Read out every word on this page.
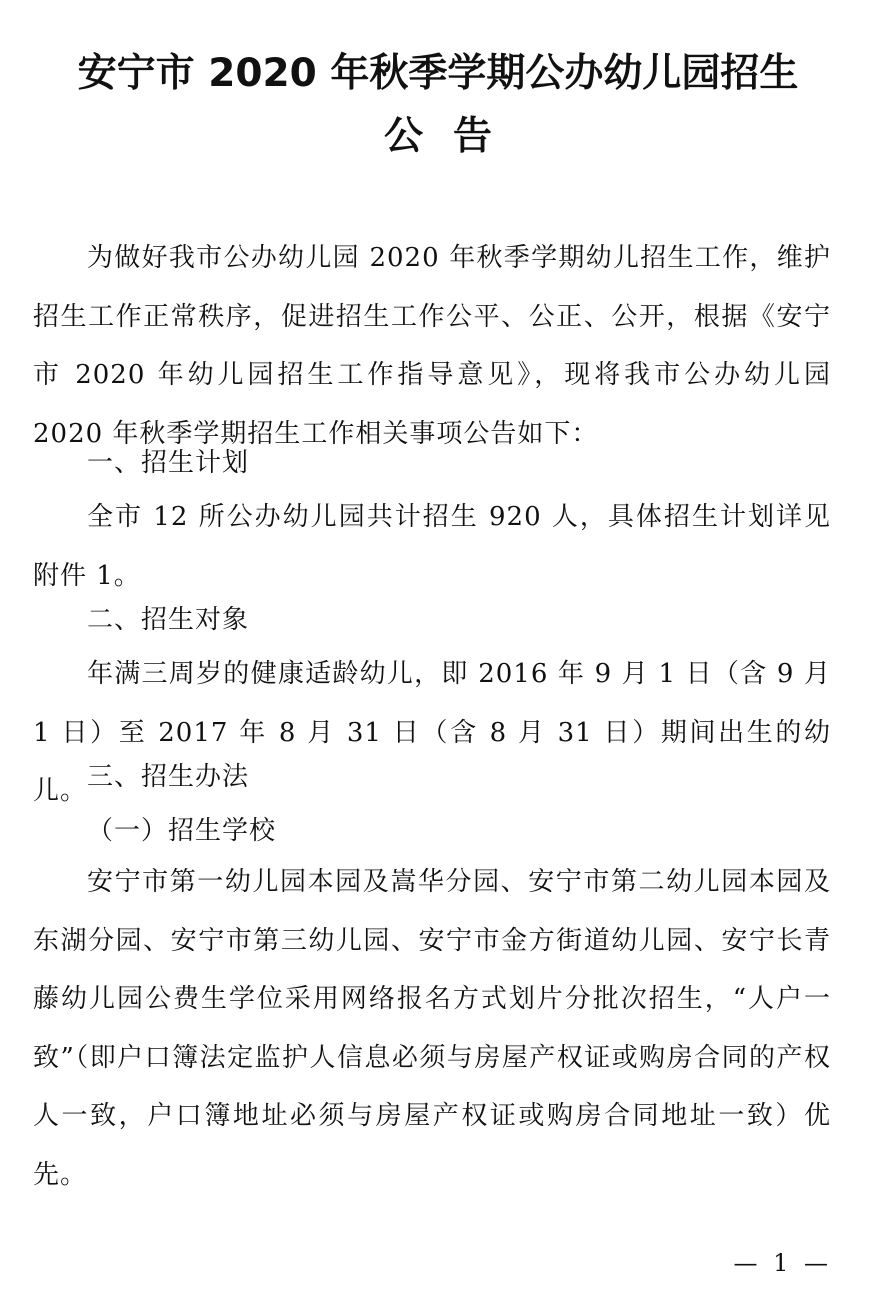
安宁市 2020 年秋季学期公办幼儿园招生
公告
为做好我市公办幼儿园 2020 年秋季学期幼儿招生工作，维护招生工作正常秩序，促进招生工作公平、公正、公开，根据《安宁市 2020 年幼儿园招生工作指导意见》，现将我市公办幼儿园 2020 年秋季学期招生工作相关事项公告如下：
一、招生计划
全市 12 所公办幼儿园共计招生 920 人，具体招生计划详见附件 1。
二、招生对象
年满三周岁的健康适龄幼儿，即 2016 年 9 月 1 日（含 9 月 1 日）至 2017 年 8 月 31 日（含 8 月 31 日）期间出生的幼儿。 三、招生办法
（一）招生学校
安宁市第一幼儿园本园及嵩华分园、安宁市第二幼儿园本园及东湖分园、安宁市第三幼儿园、安宁市金方街道幼儿园、安宁长青藤幼儿园公费生学位采用网络报名方式划片分批次招生，“人户一致”（即户口簿法定监护人信息必须与房屋产权证或购房合同的产权人一致，户口簿地址必须与房屋产权证或购房合同地址一致）优先。
— 1 —
